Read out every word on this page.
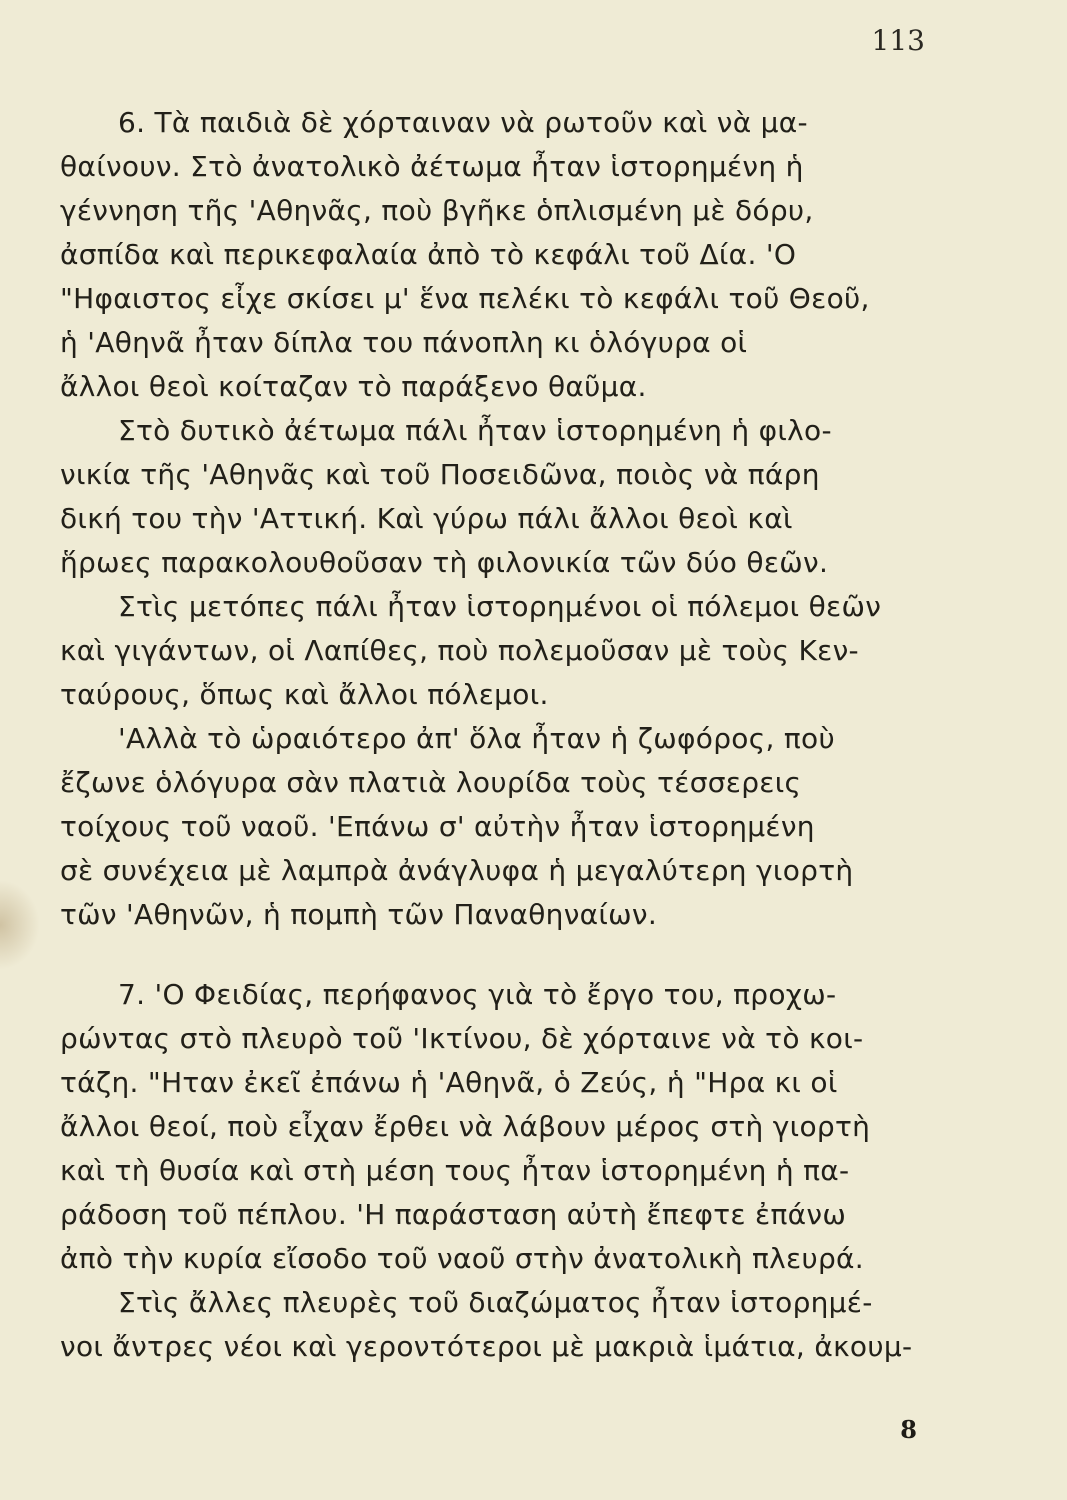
113
6. Τὰ παιδιὰ δὲ χόρταιναν νὰ ρωτοῦν καὶ νὰ μα-
θαίνουν. Στὸ ἀνατολικὸ ἀέτωμα ἦταν ἱστορημένη ἡ
γέννηση τῆς 'Αθηνᾶς, ποὺ βγῆκε ὁπλισμένη μὲ δόρυ,
ἀσπίδα καὶ περικεφαλαία ἀπὸ τὸ κεφάλι τοῦ Δία. 'Ο
"Ηφαιστος εἶχε σκίσει μ' ἕνα πελέκι τὸ κεφάλι τοῦ Θεοῦ,
ἡ 'Αθηνᾶ ἦταν δίπλα του πάνοπλη κι ὁλόγυρα οἱ
ἄλλοι θεοὶ κοίταζαν τὸ παράξενο θαῦμα.
Στὸ δυτικὸ ἀέτωμα πάλι ἦταν ἱστορημένη ἡ φιλο-
νικία τῆς 'Αθηνᾶς καὶ τοῦ Ποσειδῶνα, ποιὸς νὰ πάρη
δική του τὴν 'Αττική. Καὶ γύρω πάλι ἄλλοι θεοὶ καὶ
ἥρωες παρακολουθοῦσαν τὴ φιλονικία τῶν δύο θεῶν.
Στὶς μετόπες πάλι ἦταν ἱστορημένοι οἱ πόλεμοι θεῶν
καὶ γιγάντων, οἱ Λαπίθες, ποὺ πολεμοῦσαν μὲ τοὺς Κεν-
ταύρους, ὅπως καὶ ἄλλοι πόλεμοι.
'Αλλὰ τὸ ὡραιότερο ἀπ' ὅλα ἦταν ἡ ζωφόρος, ποὺ
ἔζωνε ὁλόγυρα σὰν πλατιὰ λουρίδα τοὺς τέσσερεις
τοίχους τοῦ ναοῦ. 'Επάνω σ' αὐτὴν ἦταν ἱστορημένη
σὲ συνέχεια μὲ λαμπρὰ ἀνάγλυφα ἡ μεγαλύτερη γιορτὴ
τῶν 'Αθηνῶν, ἡ πομπὴ τῶν Παναθηναίων.
7. 'Ο Φειδίας, περήφανος γιὰ τὸ ἔργο του, προχω-
ρώντας στὸ πλευρὸ τοῦ 'Ικτίνου, δὲ χόρταινε νὰ τὸ κοι-
τάζη. "Ηταν ἐκεῖ ἐπάνω ἡ 'Αθηνᾶ, ὁ Ζεύς, ἡ "Ηρα κι οἱ
ἄλλοι θεοί, ποὺ εἶχαν ἔρθει νὰ λάβουν μέρος στὴ γιορτὴ
καὶ τὴ θυσία καὶ στὴ μέση τους ἦταν ἱστορημένη ἡ πα-
ράδοση τοῦ πέπλου. 'Η παράσταση αὐτὴ ἔπεφτε ἐπάνω
ἀπὸ τὴν κυρία εἴσοδο τοῦ ναοῦ στὴν ἀνατολικὴ πλευρά.
Στὶς ἄλλες πλευρὲς τοῦ διαζώματος ἦταν ἱστορημέ-
νοι ἄντρες νέοι καὶ γεροντότεροι μὲ μακριὰ ἱμάτια, ἀκουμ-
8
